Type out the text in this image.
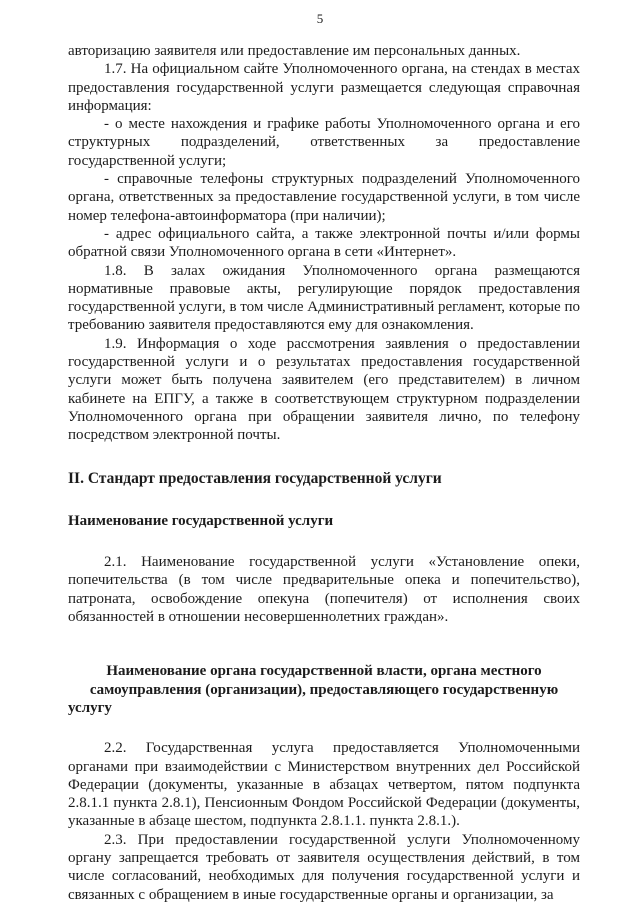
5

авторизацию заявителя или предоставление им персональных данных.

1.7. На официальном сайте Уполномоченного органа, на стендах в местах предоставления государственной услуги размещается следующая справочная информация:

- о месте нахождения и графике работы Уполномоченного органа и его структурных подразделений, ответственных за предоставление государственной услуги;

- справочные телефоны структурных подразделений Уполномоченного органа, ответственных за предоставление государственной услуги, в том числе номер телефона-автоинформатора (при наличии);

- адрес официального сайта, а также электронной почты и/или формы обратной связи Уполномоченного органа в сети «Интернет».

1.8. В залах ожидания Уполномоченного органа размещаются нормативные правовые акты, регулирующие порядок предоставления государственной услуги, в том числе Административный регламент, которые по требованию заявителя предоставляются ему для ознакомления.

1.9. Информация о ходе рассмотрения заявления о предоставлении государственной услуги и о результатах предоставления государственной услуги может быть получена заявителем (его представителем) в личном кабинете на ЕПГУ, а также в соответствующем структурном подразделении Уполномоченного органа при обращении заявителя лично, по телефону посредством электронной почты.

II. Стандарт предоставления государственной услуги

Наименование государственной услуги

2.1. Наименование государственной услуги «Установление опеки, попечительства (в том числе предварительные опека и попечительство), патроната, освобождение опекуна (попечителя) от исполнения своих обязанностей в отношении несовершеннолетних граждан».

Наименование органа государственной власти, органа местного самоуправления (организации), предоставляющего государственную услугу

2.2. Государственная услуга предоставляется Уполномоченными органами при взаимодействии с Министерством внутренних дел Российской Федерации (документы, указанные в абзацах четвертом, пятом подпункта 2.8.1.1 пункта 2.8.1), Пенсионным Фондом Российской Федерации (документы, указанные в абзаце шестом, подпункта 2.8.1.1. пункта 2.8.1.).

2.3. При предоставлении государственной услуги Уполномоченному органу запрещается требовать от заявителя осуществления действий, в том числе согласований, необходимых для получения государственной услуги и связанных с обращением в иные государственные органы и организации, за
